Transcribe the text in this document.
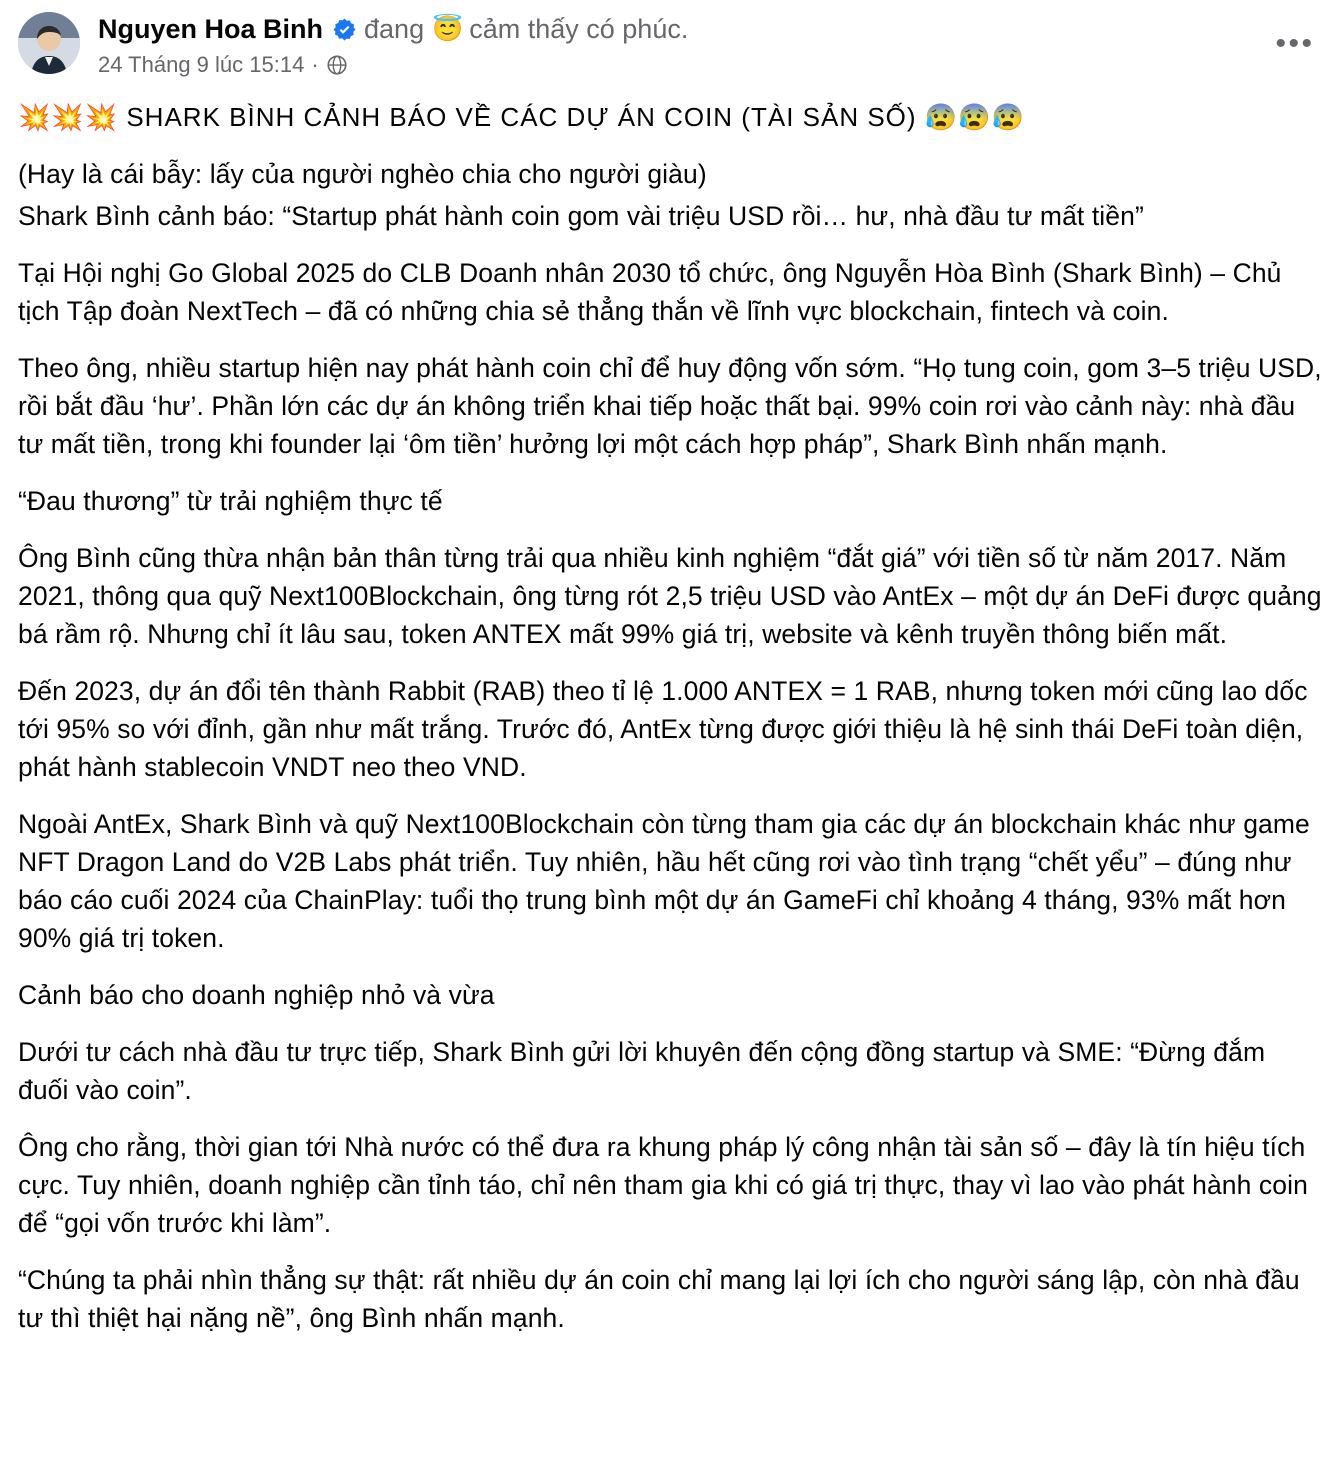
Nguyen Hoa Binh đang 😇 cảm thấy có phúc.
24 Tháng 9 lúc 15:14 ·
•••

💥💥💥 SHARK BÌNH CẢNH BÁO VỀ CÁC DỰ ÁN COIN (TÀI SẢN SỐ) 😰😰😰

(Hay là cái bẫy: lấy của người nghèo chia cho người giàu)

Shark Bình cảnh báo: “Startup phát hành coin gom vài triệu USD rồi… hư, nhà đầu tư mất tiền”

Tại Hội nghị Go Global 2025 do CLB Doanh nhân 2030 tổ chức, ông Nguyễn Hòa Bình (Shark Bình) – Chủ tịch Tập đoàn NextTech – đã có những chia sẻ thẳng thắn về lĩnh vực blockchain, fintech và coin.

Theo ông, nhiều startup hiện nay phát hành coin chỉ để huy động vốn sớm. “Họ tung coin, gom 3–5 triệu USD, rồi bắt đầu ‘hư’. Phần lớn các dự án không triển khai tiếp hoặc thất bại. 99% coin rơi vào cảnh này: nhà đầu tư mất tiền, trong khi founder lại ‘ôm tiền’ hưởng lợi một cách hợp pháp”, Shark Bình nhấn mạnh.

“Đau thương” từ trải nghiệm thực tế

Ông Bình cũng thừa nhận bản thân từng trải qua nhiều kinh nghiệm “đắt giá” với tiền số từ năm 2017. Năm 2021, thông qua quỹ Next100Blockchain, ông từng rót 2,5 triệu USD vào AntEx – một dự án DeFi được quảng bá rầm rộ. Nhưng chỉ ít lâu sau, token ANTEX mất 99% giá trị, website và kênh truyền thông biến mất.

Đến 2023, dự án đổi tên thành Rabbit (RAB) theo tỉ lệ 1.000 ANTEX = 1 RAB, nhưng token mới cũng lao dốc tới 95% so với đỉnh, gần như mất trắng. Trước đó, AntEx từng được giới thiệu là hệ sinh thái DeFi toàn diện, phát hành stablecoin VNDT neo theo VND.

Ngoài AntEx, Shark Bình và quỹ Next100Blockchain còn từng tham gia các dự án blockchain khác như game NFT Dragon Land do V2B Labs phát triển. Tuy nhiên, hầu hết cũng rơi vào tình trạng “chết yểu” – đúng như báo cáo cuối 2024 của ChainPlay: tuổi thọ trung bình một dự án GameFi chỉ khoảng 4 tháng, 93% mất hơn 90% giá trị token.

Cảnh báo cho doanh nghiệp nhỏ và vừa

Dưới tư cách nhà đầu tư trực tiếp, Shark Bình gửi lời khuyên đến cộng đồng startup và SME: “Đừng đắm đuối vào coin”.

Ông cho rằng, thời gian tới Nhà nước có thể đưa ra khung pháp lý công nhận tài sản số – đây là tín hiệu tích cực. Tuy nhiên, doanh nghiệp cần tỉnh táo, chỉ nên tham gia khi có giá trị thực, thay vì lao vào phát hành coin để “gọi vốn trước khi làm”.

“Chúng ta phải nhìn thẳng sự thật: rất nhiều dự án coin chỉ mang lại lợi ích cho người sáng lập, còn nhà đầu tư thì thiệt hại nặng nề”, ông Bình nhấn mạnh.
